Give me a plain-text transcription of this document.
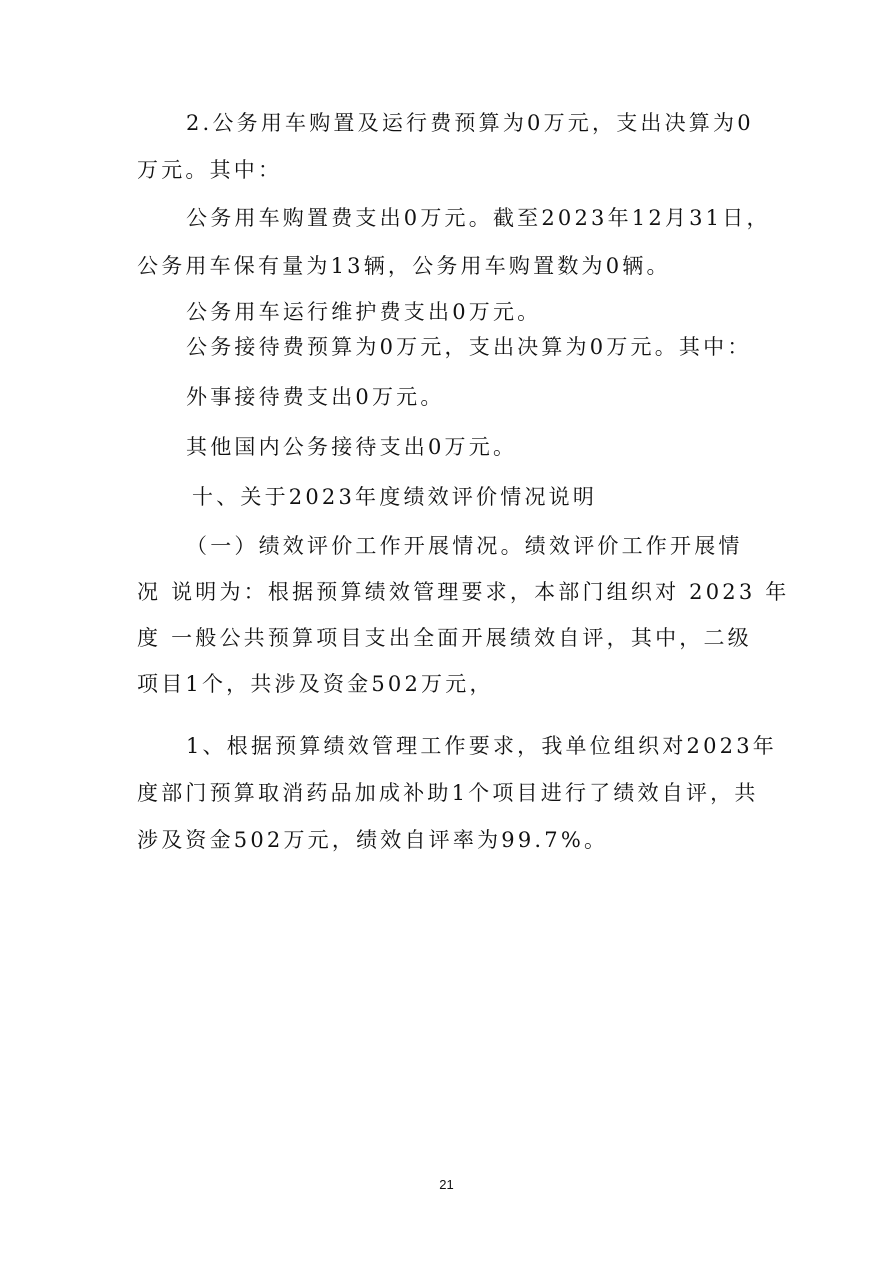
2.公务用车购置及运行费预算为0万元，支出决算为0

万元。其中：

公务用车购置费支出0万元。截至2023年12月31日，

公务用车保有量为13辆，公务用车购置数为0辆。

公务用车运行维护费支出0万元。

公务接待费预算为0万元，支出决算为0万元。其中：

外事接待费支出0万元。

其他国内公务接待支出0万元。

十、关于2023年度绩效评价情况说明

（一）绩效评价工作开展情况。绩效评价工作开展情

况 说明为：根据预算绩效管理要求，本部门组织对 2023 年

度 一般公共预算项目支出全面开展绩效自评，其中，二级

项目1个，共涉及资金502万元，

1、根据预算绩效管理工作要求，我单位组织对2023年

度部门预算取消药品加成补助1个项目进行了绩效自评，共

涉及资金502万元，绩效自评率为99.7%。

21
